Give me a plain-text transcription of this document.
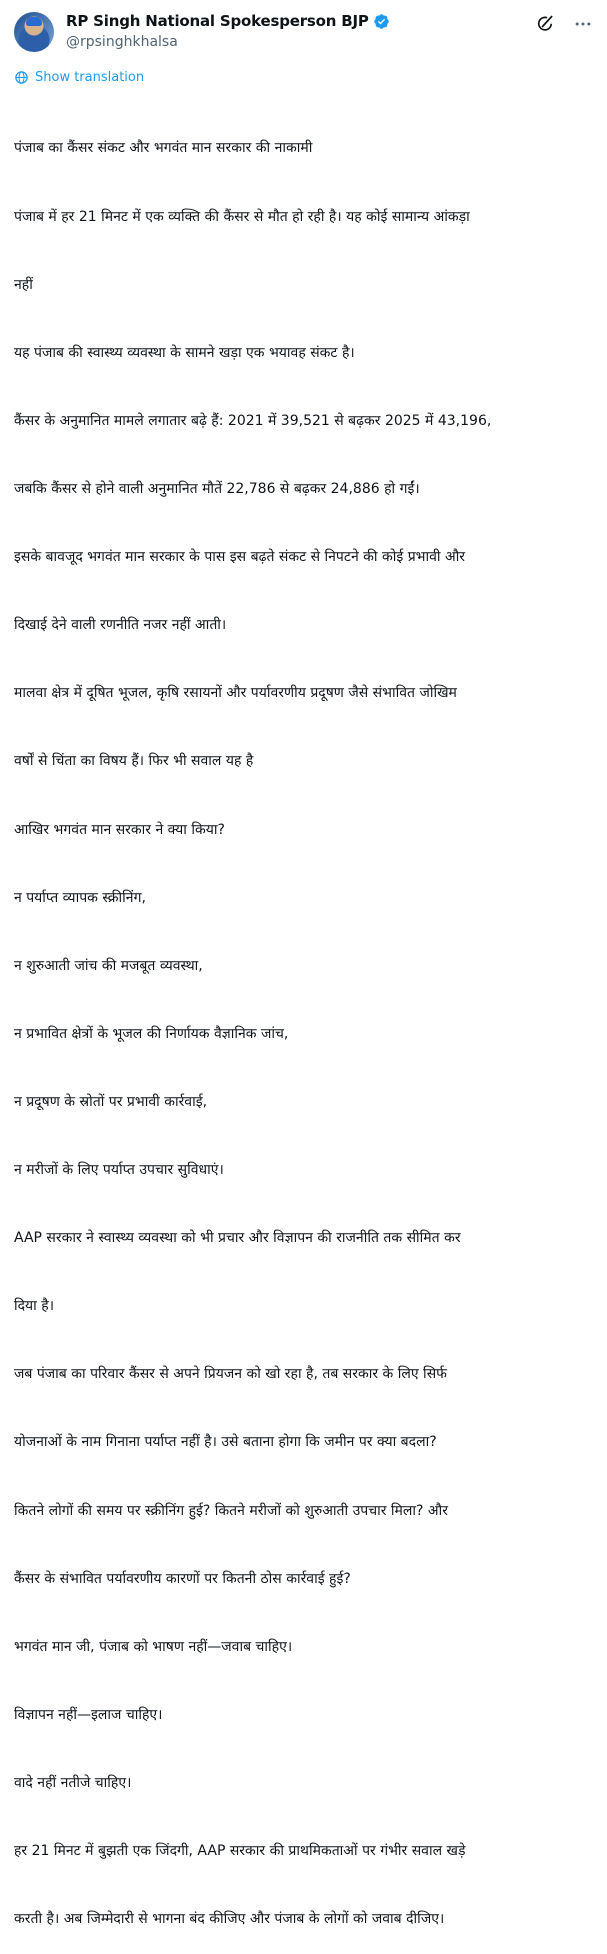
RP Singh National Spokesperson BJP
@rpsinghkhalsa
Show translation

पंजाब का कैंसर संकट और भगवंत मान सरकार की नाकामी

पंजाब में हर 21 मिनट में एक व्यक्ति की कैंसर से मौत हो रही है। यह कोई सामान्य आंकड़ा

नहीं

यह पंजाब की स्वास्थ्य व्यवस्था के सामने खड़ा एक भयावह संकट है।

कैंसर के अनुमानित मामले लगातार बढ़े हैं: 2021 में 39,521 से बढ़कर 2025 में 43,196,

जबकि कैंसर से होने वाली अनुमानित मौतें 22,786 से बढ़कर 24,886 हो गईं।

इसके बावजूद भगवंत मान सरकार के पास इस बढ़ते संकट से निपटने की कोई प्रभावी और

दिखाई देने वाली रणनीति नजर नहीं आती।

मालवा क्षेत्र में दूषित भूजल, कृषि रसायनों और पर्यावरणीय प्रदूषण जैसे संभावित जोखिम

वर्षों से चिंता का विषय हैं। फिर भी सवाल यह है

आखिर भगवंत मान सरकार ने क्या किया?

न पर्याप्त व्यापक स्क्रीनिंग,

न शुरुआती जांच की मजबूत व्यवस्था,

न प्रभावित क्षेत्रों के भूजल की निर्णायक वैज्ञानिक जांच,

न प्रदूषण के स्रोतों पर प्रभावी कार्रवाई,

न मरीजों के लिए पर्याप्त उपचार सुविधाएं।

AAP सरकार ने स्वास्थ्य व्यवस्था को भी प्रचार और विज्ञापन की राजनीति तक सीमित कर

दिया है।

जब पंजाब का परिवार कैंसर से अपने प्रियजन को खो रहा है, तब सरकार के लिए सिर्फ

योजनाओं के नाम गिनाना पर्याप्त नहीं है। उसे बताना होगा कि जमीन पर क्या बदला?

कितने लोगों की समय पर स्क्रीनिंग हुई? कितने मरीजों को शुरुआती उपचार मिला? और

कैंसर के संभावित पर्यावरणीय कारणों पर कितनी ठोस कार्रवाई हुई?

भगवंत मान जी, पंजाब को भाषण नहीं—जवाब चाहिए।

विज्ञापन नहीं—इलाज चाहिए।

वादे नहीं नतीजे चाहिए।

हर 21 मिनट में बुझती एक जिंदगी, AAP सरकार की प्राथमिकताओं पर गंभीर सवाल खड़े

करती है। अब जिम्मेदारी से भागना बंद कीजिए और पंजाब के लोगों को जवाब दीजिए।
